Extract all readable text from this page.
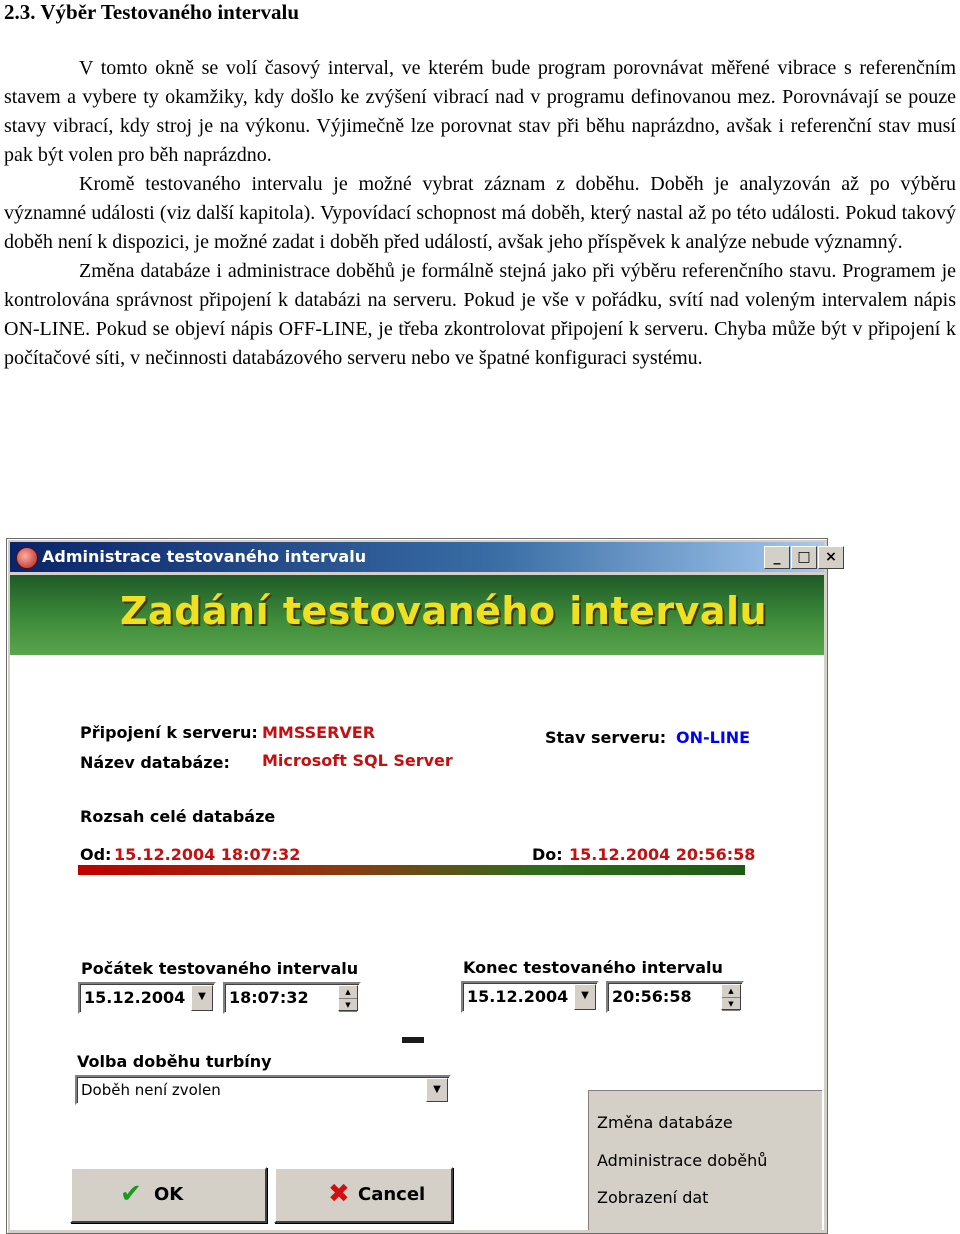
2.3. Výběr Testovaného intervalu

V tomto okně se volí časový interval, ve kterém bude program porovnávat měřené vibrace s referenčním stavem a vybere ty okamžiky, kdy došlo ke zvýšení vibrací nad v programu definovanou mez. Porovnávají se pouze stavy vibrací, kdy stroj je na výkonu. Výjimečně lze porovnat stav při běhu naprázdno, avšak i referenční stav musí pak být volen pro běh naprázdno.

Kromě testovaného intervalu je možné vybrat záznam z doběhu. Doběh je analyzován až po výběru významné události (viz další kapitola). Vypovídací schopnost má doběh, který nastal až po této události. Pokud takový doběh není k dispozici, je možné zadat i doběh před událostí, avšak jeho příspěvek k analýze nebude významný.

Změna databáze i administrace doběhů je formálně stejná jako při výběru referenčního stavu. Programem je kontrolována správnost připojení k databázi na serveru. Pokud je vše v pořádku, svítí nad voleným intervalem nápis ON-LINE. Pokud se objeví nápis OFF-LINE, je třeba zkontrolovat připojení k serveru. Chyba může být v připojení k počítačové síti, v nečinnosti databázového serveru nebo ve špatné konfiguraci systému.

Administrace testovaného intervalu	_	□	×
Zadání testovaného intervalu
Připojení k serveru: MMSSERVER
Název databáze: Microsoft SQL Server
Stav serveru: ON-LINE
Rozsah celé databáze
Od: 15.12.2004 18:07:32	Do: 15.12.2004 20:56:58
Počátek testovaného intervalu
15.12.2004	▼	18:07:32	▲
▼
Konec testovaného intervalu
15.12.2004	▼	20:56:58	▲
▼
Volba doběhu turbíny
Doběh není zvolen	▼
Změna databáze
Administrace doběhů
Zobrazení dat
✔ OK	✖ Cancel
